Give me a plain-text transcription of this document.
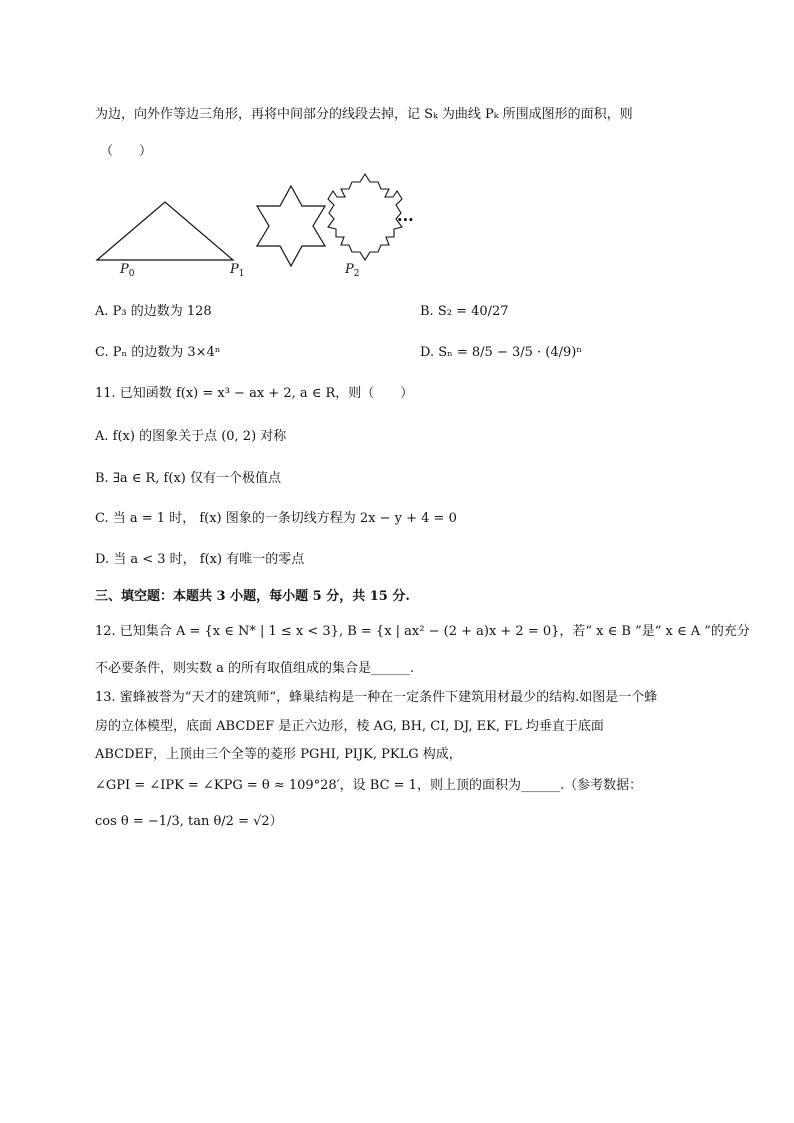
为边，向外作等边三角形，再将中间部分的线段去掉，记 Sₖ 为曲线 Pₖ 所围成图形的面积，则
（　　）
···
$P_0$	$P_1$	$P_2$
A. P₃ 的边数为 128	B. S₂ = 40/27
C. Pₙ 的边数为 3×4ⁿ	D. Sₙ = 8/5 − 3/5 · (4/9)ⁿ
11. 已知函数 f(x) = x³ − ax + 2, a ∈ R，则（　　）
A. f(x) 的图象关于点 (0, 2) 对称
B. ∃a ∈ R, f(x) 仅有一个极值点
C. 当 a = 1 时， f(x) 图象的一条切线方程为 2x − y + 4 = 0
D. 当 a < 3 时， f(x) 有唯一的零点
三、填空题：本题共 3 小题，每小题 5 分，共 15 分.
12. 已知集合 A = {x ∈ N* | 1 ≤ x < 3}, B = {x | ax² − (2 + a)x + 2 = 0}，若“ x ∈ B ”是“ x ∈ A ”的充分
不必要条件，则实数 a 的所有取值组成的集合是______.
13. 蜜蜂被誉为“天才的建筑师”，蜂巢结构是一种在一定条件下建筑用材最少的结构.如图是一个蜂
房的立体模型，底面 ABCDEF 是正六边形，棱 AG, BH, CI, DJ, EK, FL 均垂直于底面
ABCDEF，上顶由三个全等的菱形 PGHI, PIJK, PKLG 构成，
∠GPI = ∠IPK = ∠KPG = θ ≈ 109°28′，设 BC = 1，则上顶的面积为______.（参考数据：
cos θ = −1/3, tan θ/2 = √2）
